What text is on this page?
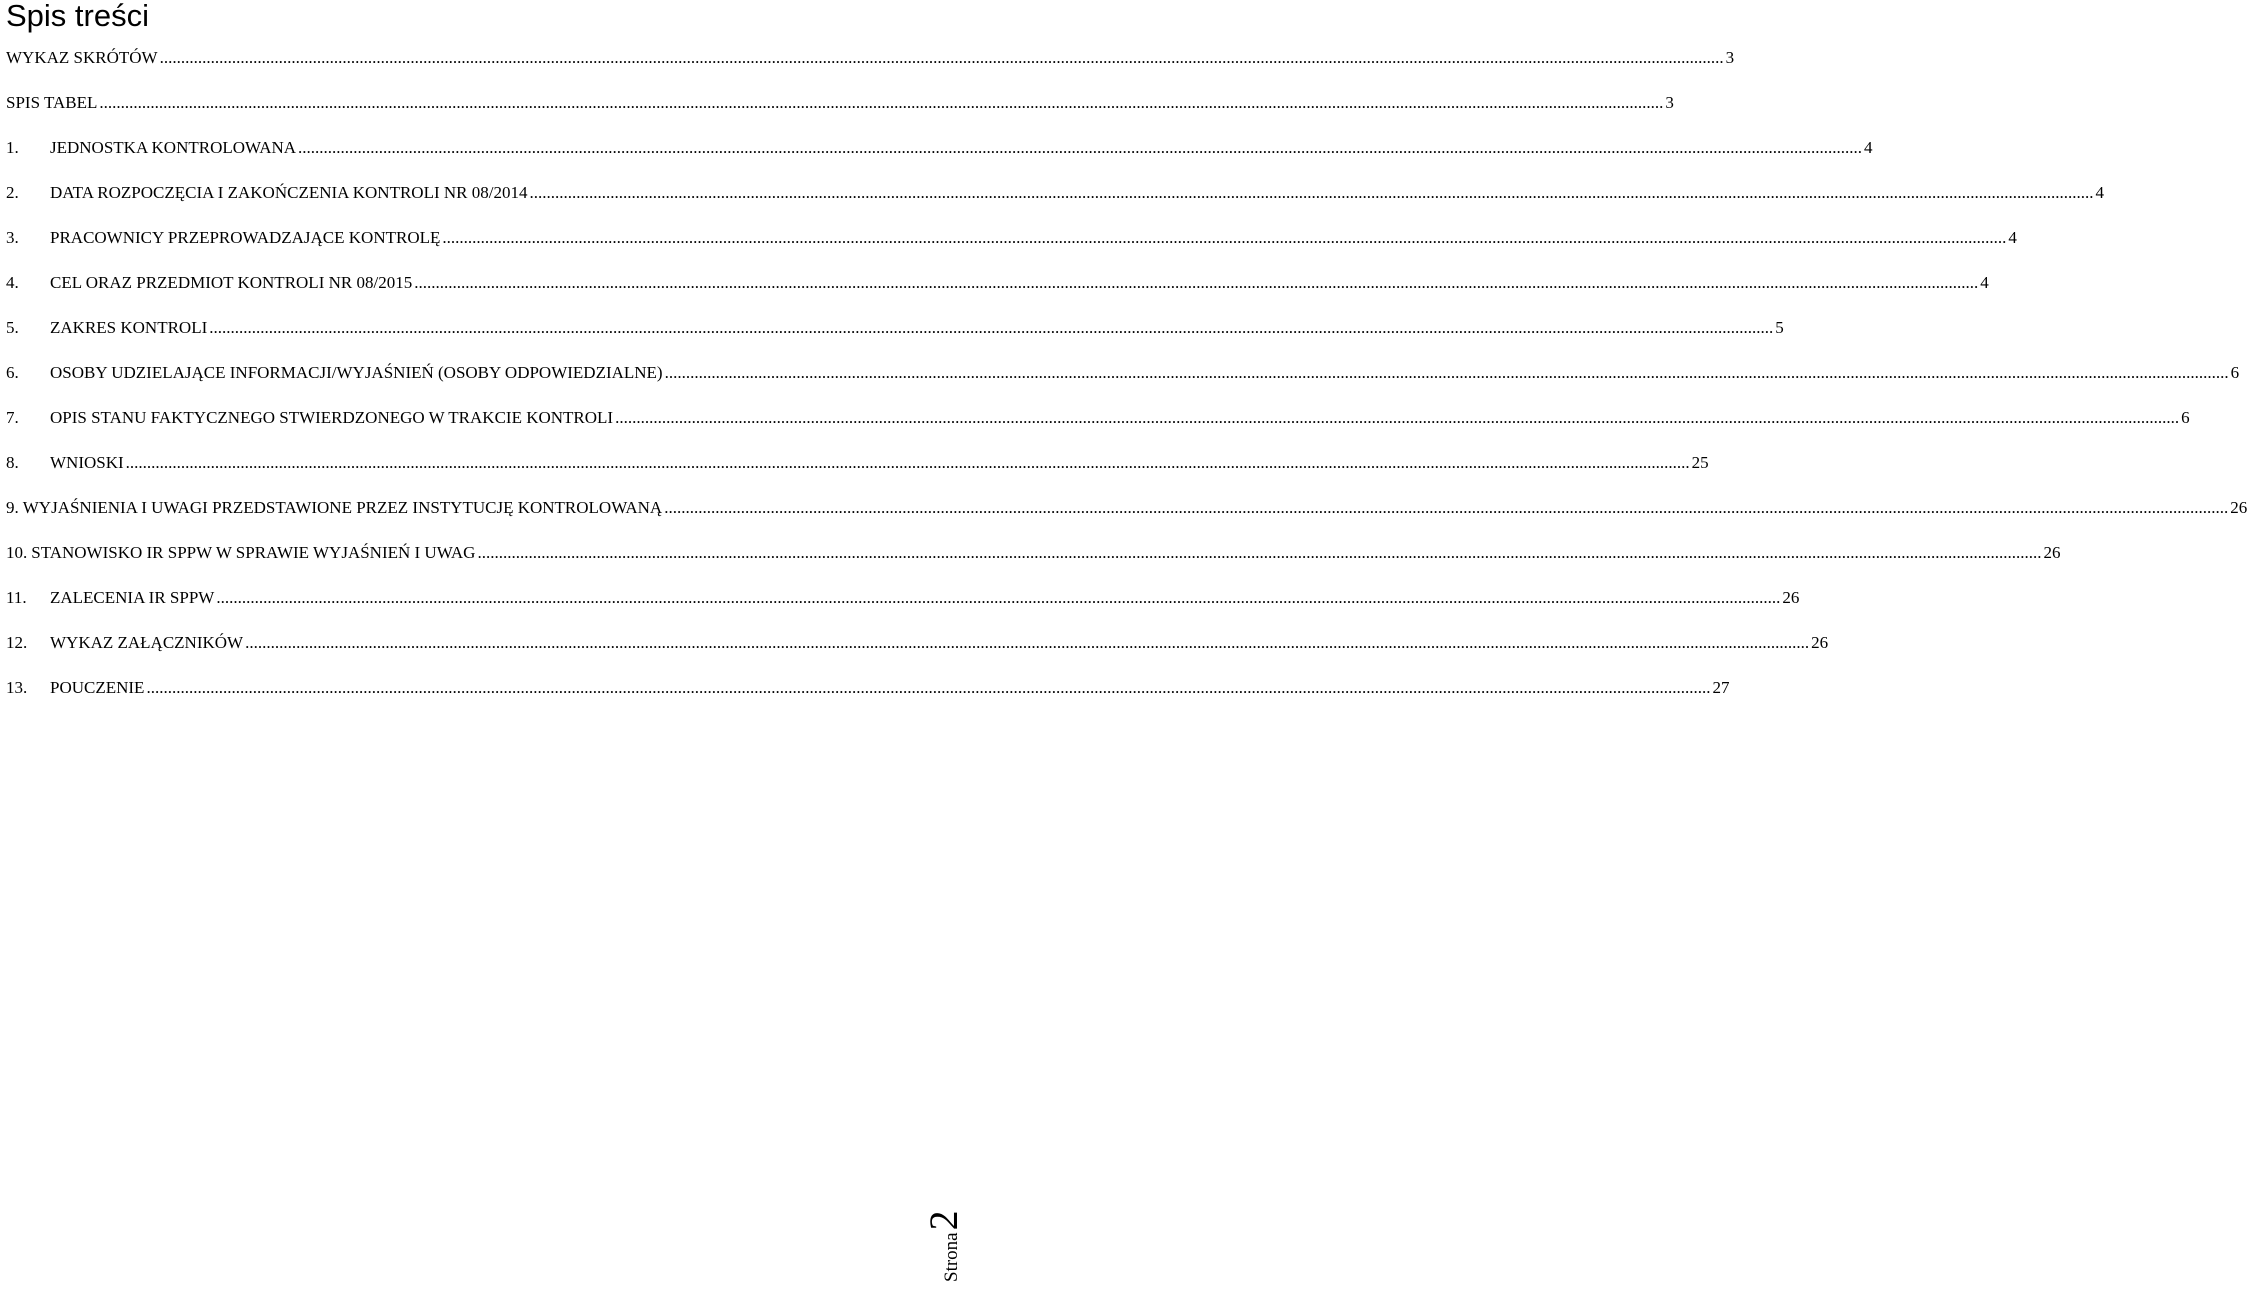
Spis treści
WYKAZ SKRÓTÓW .....	3
SPIS TABEL .....	3
1.	JEDNOSTKA KONTROLOWANA .....	4
2.	DATA ROZPOCZĘCIA I ZAKOŃCZENIA KONTROLI NR 08/2014 .....	4
3.	PRACOWNICY PRZEPROWADZAJĄCE KONTROLĘ .....	4
4.	CEL ORAZ PRZEDMIOT KONTROLI NR 08/2015 .....	4
5.	ZAKRES KONTROLI .....	5
6.	OSOBY UDZIELAJĄCE INFORMACJI/WYJAŚNIEŃ (OSOBY ODPOWIEDZIALNE) .....	6
7.	OPIS STANU FAKTYCZNEGO STWIERDZONEGO W TRAKCIE KONTROLI .....	6
8.	WNIOSKI .....	25
9. WYJAŚNIENIA I UWAGI PRZEDSTAWIONE PRZEZ INSTYTUCJĘ KONTROLOWANĄ .....	26
10. STANOWISKO IR SPPW W SPRAWIE WYJAŚNIEŃ I UWAG .....	26
11.	ZALECENIA IR SPPW .....	26
12.	WYKAZ ZAŁĄCZNIKÓW .....	26
13.	POUCZENIE .....	27
Strona
2
